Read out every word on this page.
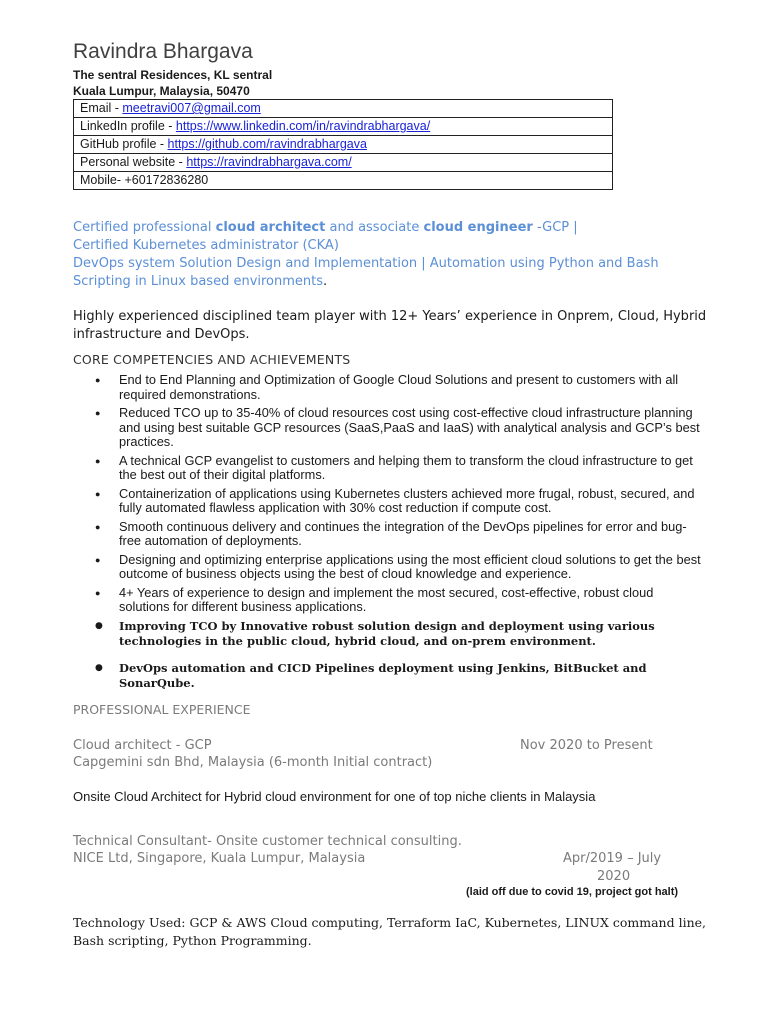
Ravindra Bhargava
The sentral Residences, KL sentral
Kuala Lumpur, Malaysia, 50470
Email - meetravi007@gmail.com
LinkedIn profile - https://www.linkedin.com/in/ravindrabhargava/
GitHub profile - https://github.com/ravindrabhargava
Personal website - https://ravindrabhargava.com/
Mobile- +60172836280
Certified professional cloud architect and associate cloud engineer -GCP |
Certified Kubernetes administrator (CKA)
DevOps system Solution Design and Implementation | Automation using Python and Bash
Scripting in Linux based environments.
Highly experienced disciplined team player with 12+ Years’ experience in Onprem, Cloud, Hybrid infrastructure and DevOps.
CORE COMPETENCIES AND ACHIEVEMENTS
● End to End Planning and Optimization of Google Cloud Solutions and present to customers with all required demonstrations.
● Reduced TCO up to 35-40% of cloud resources cost using cost-effective cloud infrastructure planning and using best suitable GCP resources (SaaS,PaaS and IaaS) with analytical analysis and GCP’s best practices.
● A technical GCP evangelist to customers and helping them to transform the cloud infrastructure to get the best out of their digital platforms.
● Containerization of applications using Kubernetes clusters achieved more frugal, robust, secured, and fully automated flawless application with 30% cost reduction if compute cost.
● Smooth continuous delivery and continues the integration of the DevOps pipelines for error and bug-free automation of deployments.
● Designing and optimizing enterprise applications using the most efficient cloud solutions to get the best outcome of business objects using the best of cloud knowledge and experience.
● 4+ Years of experience to design and implement the most secured, cost-effective, robust cloud solutions for different business applications.
● Improving TCO by Innovative robust solution design and deployment using various technologies in the public cloud, hybrid cloud, and on-prem environment.
● DevOps automation and CICD Pipelines deployment using Jenkins, BitBucket and SonarQube.
PROFESSIONAL EXPERIENCE
Cloud architect - GCP	Nov 2020 to Present
Capgemini sdn Bhd, Malaysia (6-month Initial contract)
Onsite Cloud Architect for Hybrid cloud environment for one of top niche clients in Malaysia
Technical Consultant- Onsite customer technical consulting.
NICE Ltd, Singapore, Kuala Lumpur, Malaysia	Apr/2019 – July
2020
(laid off due to covid 19, project got halt)
Technology Used: GCP & AWS Cloud computing, Terraform IaC, Kubernetes, LINUX command line, Bash scripting, Python Programming.
